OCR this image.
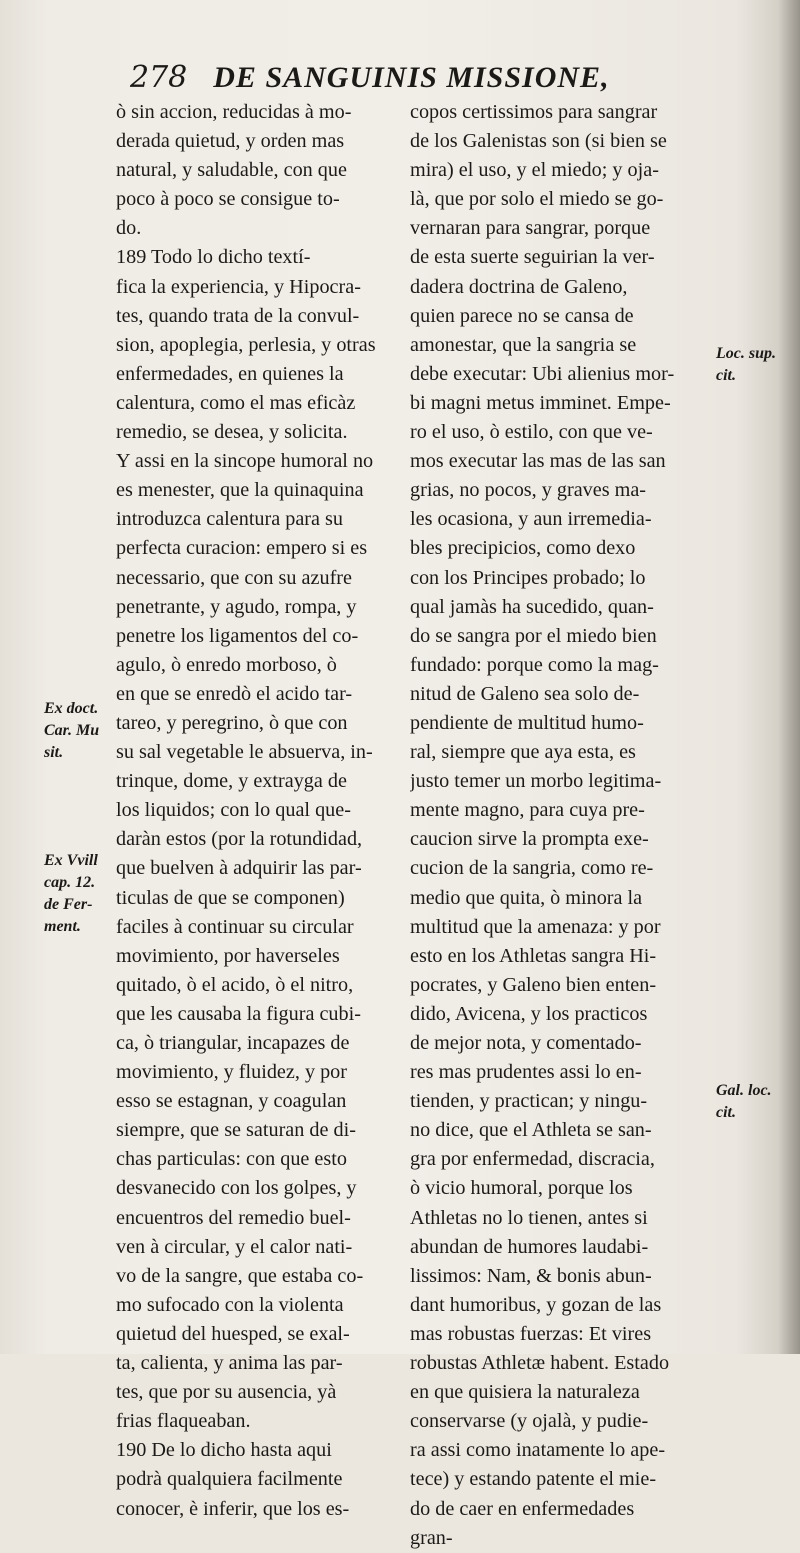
278 DE SANGUINIS MISSIONE,
ò sin accion, reducidas à mo-
derada quietud, y orden mas
natural, y saludable, con que
poco à poco se consigue to-
do.
189 Todo lo dicho textí-
fica la experiencia, y Hipocra-
tes, quando trata de la convul-
sion, apoplegia, perlesia, y otras
enfermedades, en quienes la
calentura, como el mas eficàz
remedio, se desea, y solicita.
Y assi en la sincope humoral no
es menester, que la quinaquina
introduzca calentura para su
perfecta curacion: empero si es
necessario, que con su azufre
penetrante, y agudo, rompa, y
penetre los ligamentos del co-
agulo, ò enredo morboso, ò
en que se enredò el acido tar-
tareo, y peregrino, ò que con
su sal vegetable le absuerva, in-
trinque, dome, y extrayga de
los liquidos; con lo qual que-
daràn estos (por la rotundidad,
que buelven à adquirir las par-
ticulas de que se componen)
faciles à continuar su circular
movimiento, por haverseles
quitado, ò el acido, ò el nitro,
que les causaba la figura cubi-
ca, ò triangular, incapazes de
movimiento, y fluidez, y por
esso se estagnan, y coagulan
siempre, que se saturan de di-
chas particulas: con que esto
desvanecido con los golpes, y
encuentros del remedio buel-
ven à circular, y el calor nati-
vo de la sangre, que estaba co-
mo sufocado con la violenta
quietud del huesped, se exal-
ta, calienta, y anima las par-
tes, que por su ausencia, yà
frias flaqueaban.
190 De lo dicho hasta aqui
podrà qualquiera facilmente
conocer, è inferir, que los es-
copos certissimos para sangrar
de los Galenistas son (si bien se
mira) el uso, y el miedo; y oja-
là, que por solo el miedo se go-
vernaran para sangrar, porque
de esta suerte seguirian la ver-
dadera doctrina de Galeno,
quien parece no se cansa de
amonestar, que la sangria se
debe executar: Ubi alienius mor-
bi magni metus imminet. Empe-
ro el uso, ò estilo, con que ve-
mos executar las mas de las san
grias, no pocos, y graves ma-
les ocasiona, y aun irremedia-
bles precipicios, como dexo
con los Principes probado; lo
qual jamàs ha sucedido, quan-
do se sangra por el miedo bien
fundado: porque como la mag-
nitud de Galeno sea solo de-
pendiente de multitud humo-
ral, siempre que aya esta, es
justo temer un morbo legitima-
mente magno, para cuya pre-
caucion sirve la prompta exe-
cucion de la sangria, como re-
medio que quita, ò minora la
multitud que la amenaza: y por
esto en los Athletas sangra Hi-
pocrates, y Galeno bien enten-
dido, Avicena, y los practicos
de mejor nota, y comentado-
res mas prudentes assi lo en-
tienden, y practican; y ningu-
no dice, que el Athleta se san-
gra por enfermedad, discracia,
ò vicio humoral, porque los
Athletas no lo tienen, antes si
abundan de humores laudabi-
lissimos: Nam, & bonis abun-
dant humoribus, y gozan de las
mas robustas fuerzas: Et vires
robustas Athletæ habent. Estado
en que quisiera la naturaleza
conservarse (y ojalà, y pudie-
ra assi como inatamente lo ape-
tece) y estando patente el mie-
do de caer en enfermedades
gran-
Ex doct.
Car. Mu
sit.
Ex Vvill
cap. 12.
de Fer-
ment.
Loc. sup.
cit.
Gal. loc.
cit.
